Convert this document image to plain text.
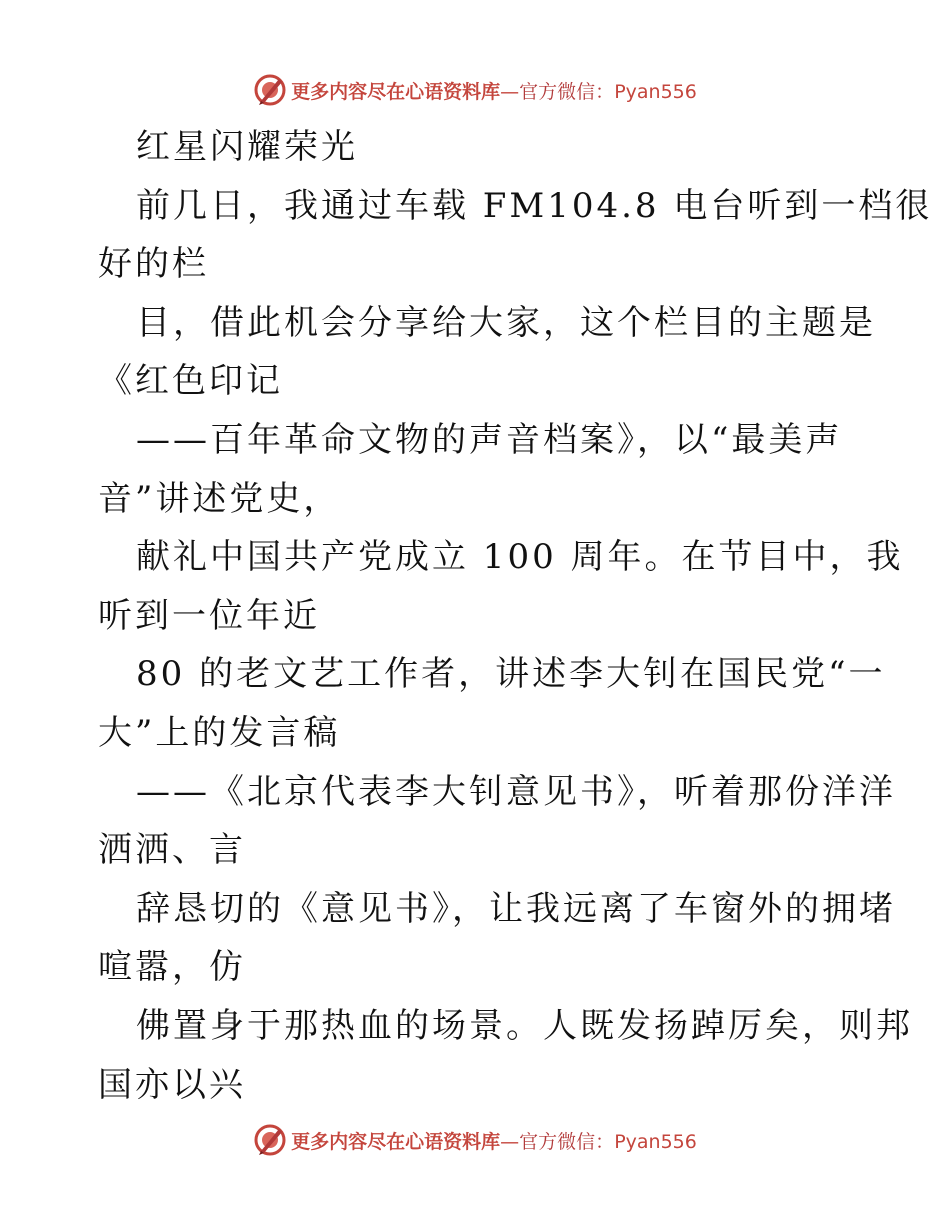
更多内容尽在心语资料库—官方微信：Pyan556
红星闪耀荣光
前几日，我通过车载 FM104.8 电台听到一档很
好的栏
目，借此机会分享给大家，这个栏目的主题是
《红色印记
——百年革命文物的声音档案》，以“最美声
音”讲述党史，
献礼中国共产党成立 100 周年。在节目中，我
听到一位年近
80 的老文艺工作者，讲述李大钊在国民党“一
大”上的发言稿
——《北京代表李大钊意见书》，听着那份洋洋
洒洒、言
辞恳切的《意见书》，让我远离了车窗外的拥堵
喧嚣，仿
佛置身于那热血的场景。人既发扬踔厉矣，则邦
国亦以兴
更多内容尽在心语资料库—官方微信：Pyan556
